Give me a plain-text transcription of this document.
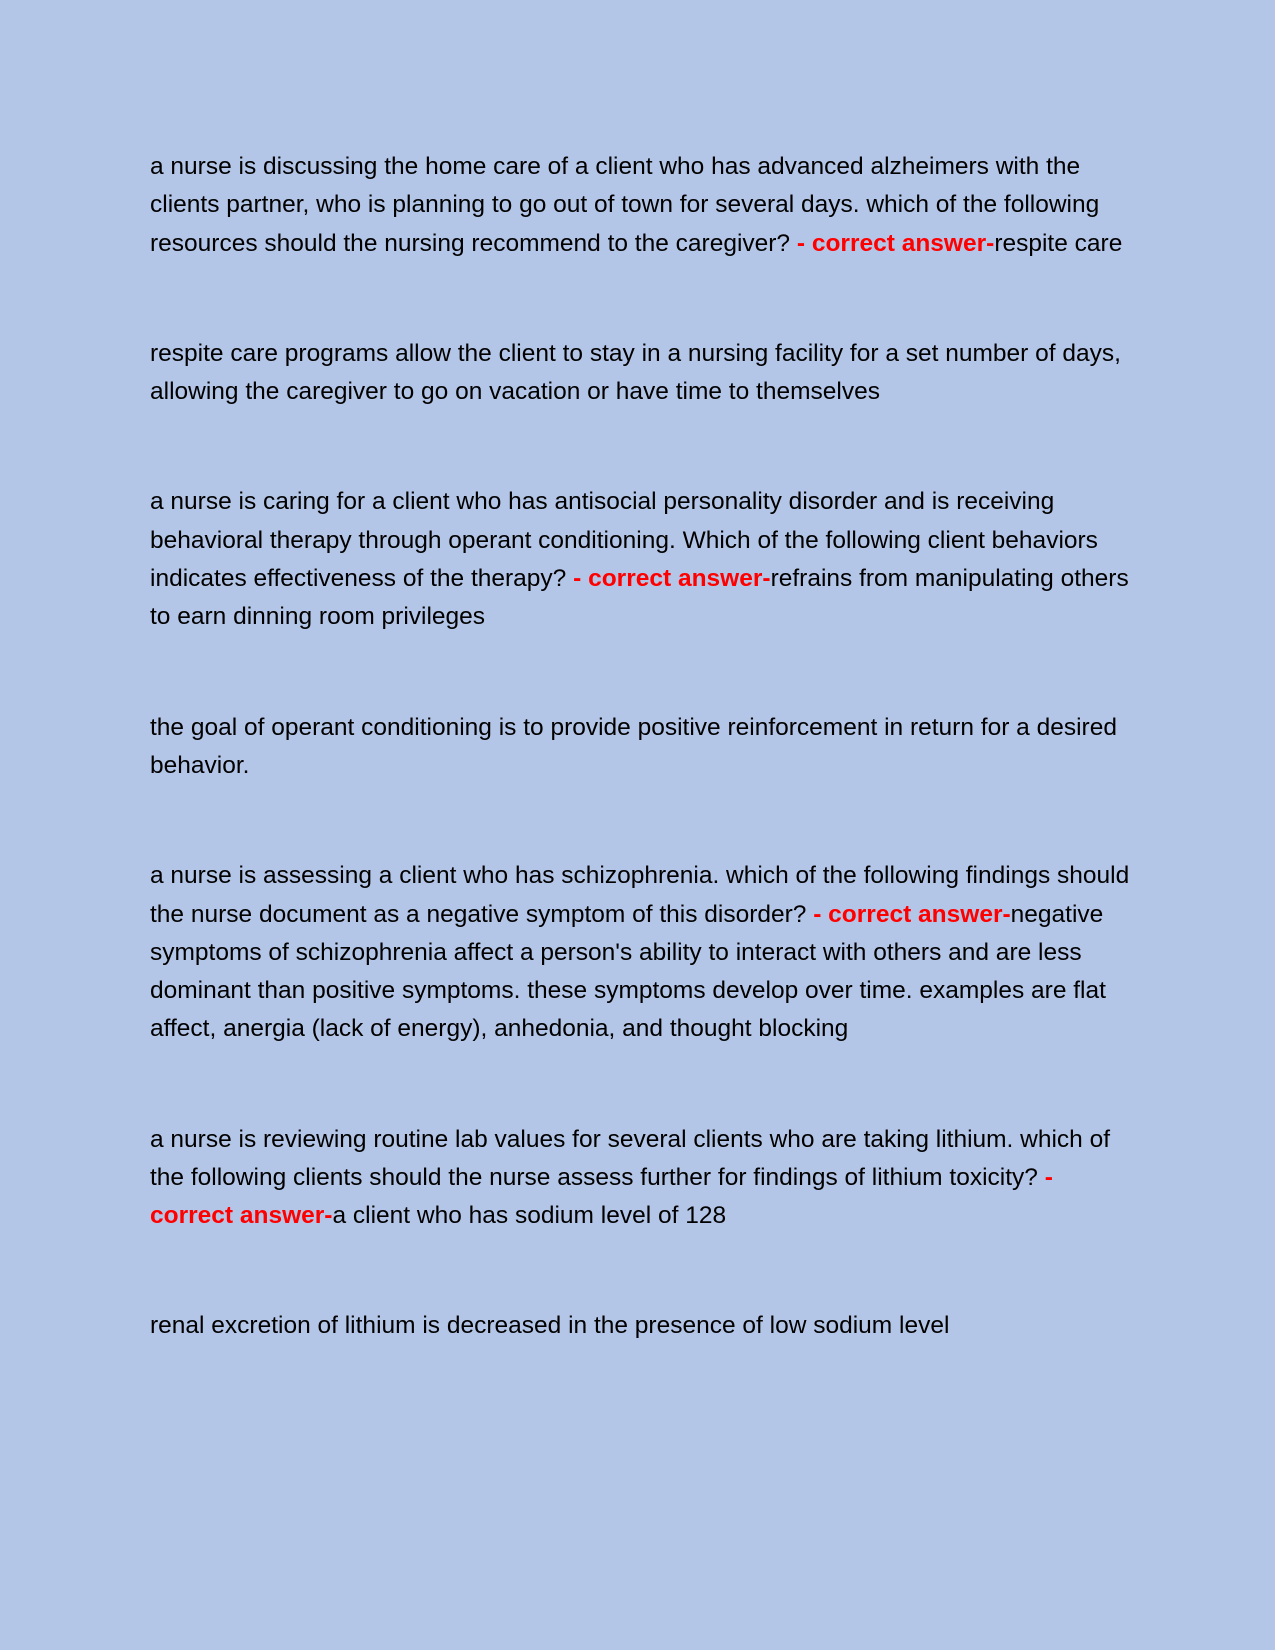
a nurse is discussing the home care of a client who has advanced alzheimers with the clients partner, who is planning to go out of town for several days. which of the following resources should the nursing recommend to the caregiver? - correct answer-respite care

respite care programs allow the client to stay in a nursing facility for a set number of days, allowing the caregiver to go on vacation or have time to themselves

a nurse is caring for a client who has antisocial personality disorder and is receiving behavioral therapy through operant conditioning. Which of the following client behaviors indicates effectiveness of the therapy? - correct answer-refrains from manipulating others to earn dinning room privileges

the goal of operant conditioning is to provide positive reinforcement in return for a desired behavior.

a nurse is assessing a client who has schizophrenia. which of the following findings should the nurse document as a negative symptom of this disorder? - correct answer-negative symptoms of schizophrenia affect a person's ability to interact with others and are less dominant than positive symptoms. these symptoms develop over time. examples are flat affect, anergia (lack of energy), anhedonia, and thought blocking

a nurse is reviewing routine lab values for several clients who are taking lithium. which of the following clients should the nurse assess further for findings of lithium toxicity? - correct answer-a client who has sodium level of 128

renal excretion of lithium is decreased in the presence of low sodium level
